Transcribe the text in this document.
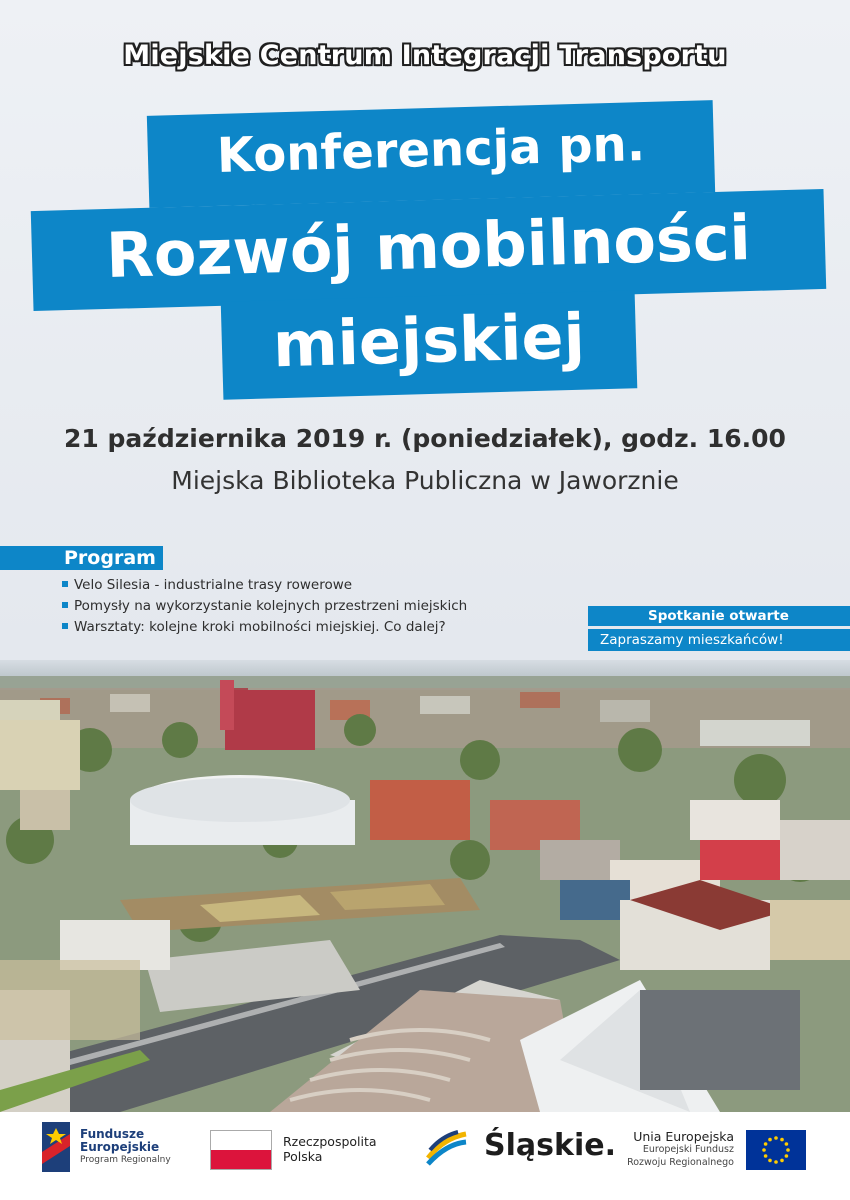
Miejskie Centrum Integracji Transportu
Konferencja pn.
Rozwój mobilności
miejskiej
21 października 2019 r. (poniedziałek), godz. 16.00
Miejska Biblioteka Publiczna w Jaworznie
Program
Velo Silesia - industrialne trasy rowerowe
Pomysły na wykorzystanie kolejnych przestrzeni miejskich
Warsztaty: kolejne kroki mobilności miejskiej. Co dalej?
Spotkanie otwarte
Zapraszamy mieszkańców!
Fundusze
Europejskie
Program Regionalny
Rzeczpospolita
Polska	Śląskie.	Unia Europejska
Europejski Fundusz
Rozwoju Regionalnego
